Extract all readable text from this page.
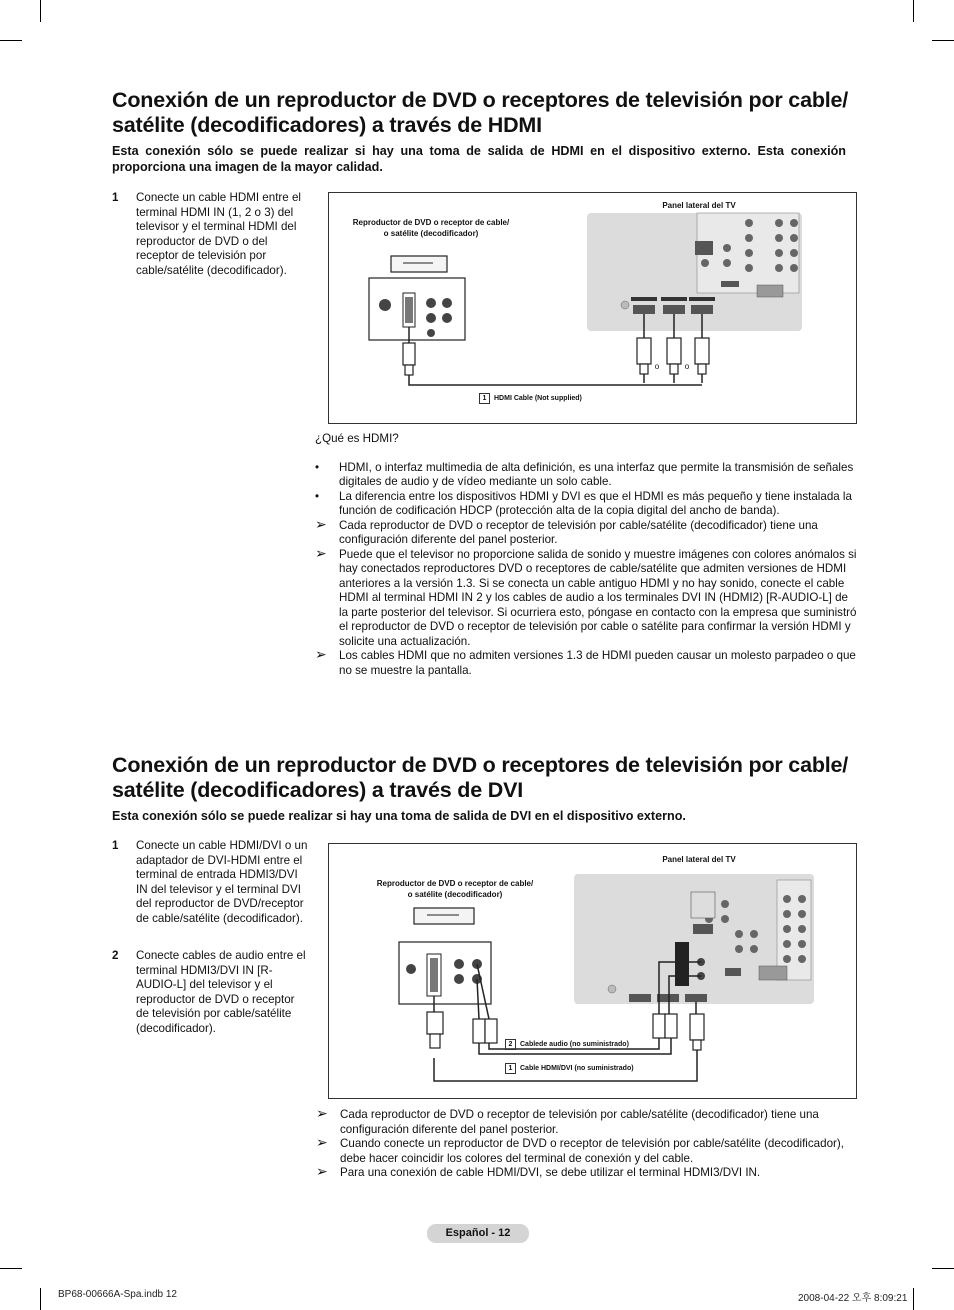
Conexión de un reproductor de DVD o receptores de televisión por cable/
satélite (decodificadores) a través de HDMI

Esta conexión sólo se puede realizar si hay una toma de salida de HDMI en el dispositivo externo. Esta conexión proporciona una imagen de la mayor calidad.

1 Conecte un cable HDMI entre el terminal HDMI IN (1, 2 o 3) del televisor y el terminal HDMI del reproductor de DVD o del receptor de televisión por cable/satélite (decodificador).
Panel lateral del TV
Reproductor de DVD o receptor de cable/
o satélite (decodificador)
o	o
1 HDMI Cable (Not supplied)

¿Qué es HDMI?

• HDMI, o interfaz multimedia de alta definición, es una interfaz que permite la transmisión de señales digitales de audio y de vídeo mediante un solo cable.

• La diferencia entre los dispositivos HDMI y DVI es que el HDMI es más pequeño y tiene instalada la función de codificación HDCP (protección alta de la copia digital del ancho de banda).

➢ Cada reproductor de DVD o receptor de televisión por cable/satélite (decodificador) tiene una configuración diferente del panel posterior.

➢ Puede que el televisor no proporcione salida de sonido y muestre imágenes con colores anómalos si hay conectados reproductores DVD o receptores de cable/satélite que admiten versiones de HDMI anteriores a la versión 1.3. Si se conecta un cable antiguo HDMI y no hay sonido, conecte el cable HDMI al terminal HDMI IN 2 y los cables de audio a los terminales DVI IN (HDMI2) [R-AUDIO-L] de la parte posterior del televisor. Si ocurriera esto, póngase en contacto con la empresa que suministró el reproductor de DVD o receptor de televisión por cable o satélite para confirmar la versión HDMI y solicite una actualización.

➢ Los cables HDMI que no admiten versiones 1.3 de HDMI pueden causar un molesto parpadeo o que no se muestre la pantalla.

Conexión de un reproductor de DVD o receptores de televisión por cable/
satélite (decodificadores) a través de DVI

Esta conexión sólo se puede realizar si hay una toma de salida de DVI en el dispositivo externo.

1 Conecte un cable HDMI/DVI o un adaptador de DVI-HDMI entre el terminal de entrada HDMI3/DVI IN del televisor y el terminal DVI del reproductor de DVD/receptor de cable/satélite (decodificador).
2 Conecte cables de audio entre el terminal HDMI3/DVI IN [R-AUDIO-L] del televisor y el reproductor de DVD o receptor de televisión por cable/satélite (decodificador).
Panel lateral del TV
Reproductor de DVD o receptor de cable/
o satélite (decodificador)
2 Cablede audio (no suministrado)
1 Cable HDMI/DVI (no suministrado)

➢ Cada reproductor de DVD o receptor de televisión por cable/satélite (decodificador) tiene una configuración diferente del panel posterior.

➢ Cuando conecte un reproductor de DVD o receptor de televisión por cable/satélite (decodificador), debe hacer coincidir los colores del terminal de conexión y del cable.

➢ Para una conexión de cable HDMI/DVI, se debe utilizar el terminal HDMI3/DVI IN.

Español - 12
BP68-00666A-Spa.indb 12	2008-04-22 오후 8:09:21
